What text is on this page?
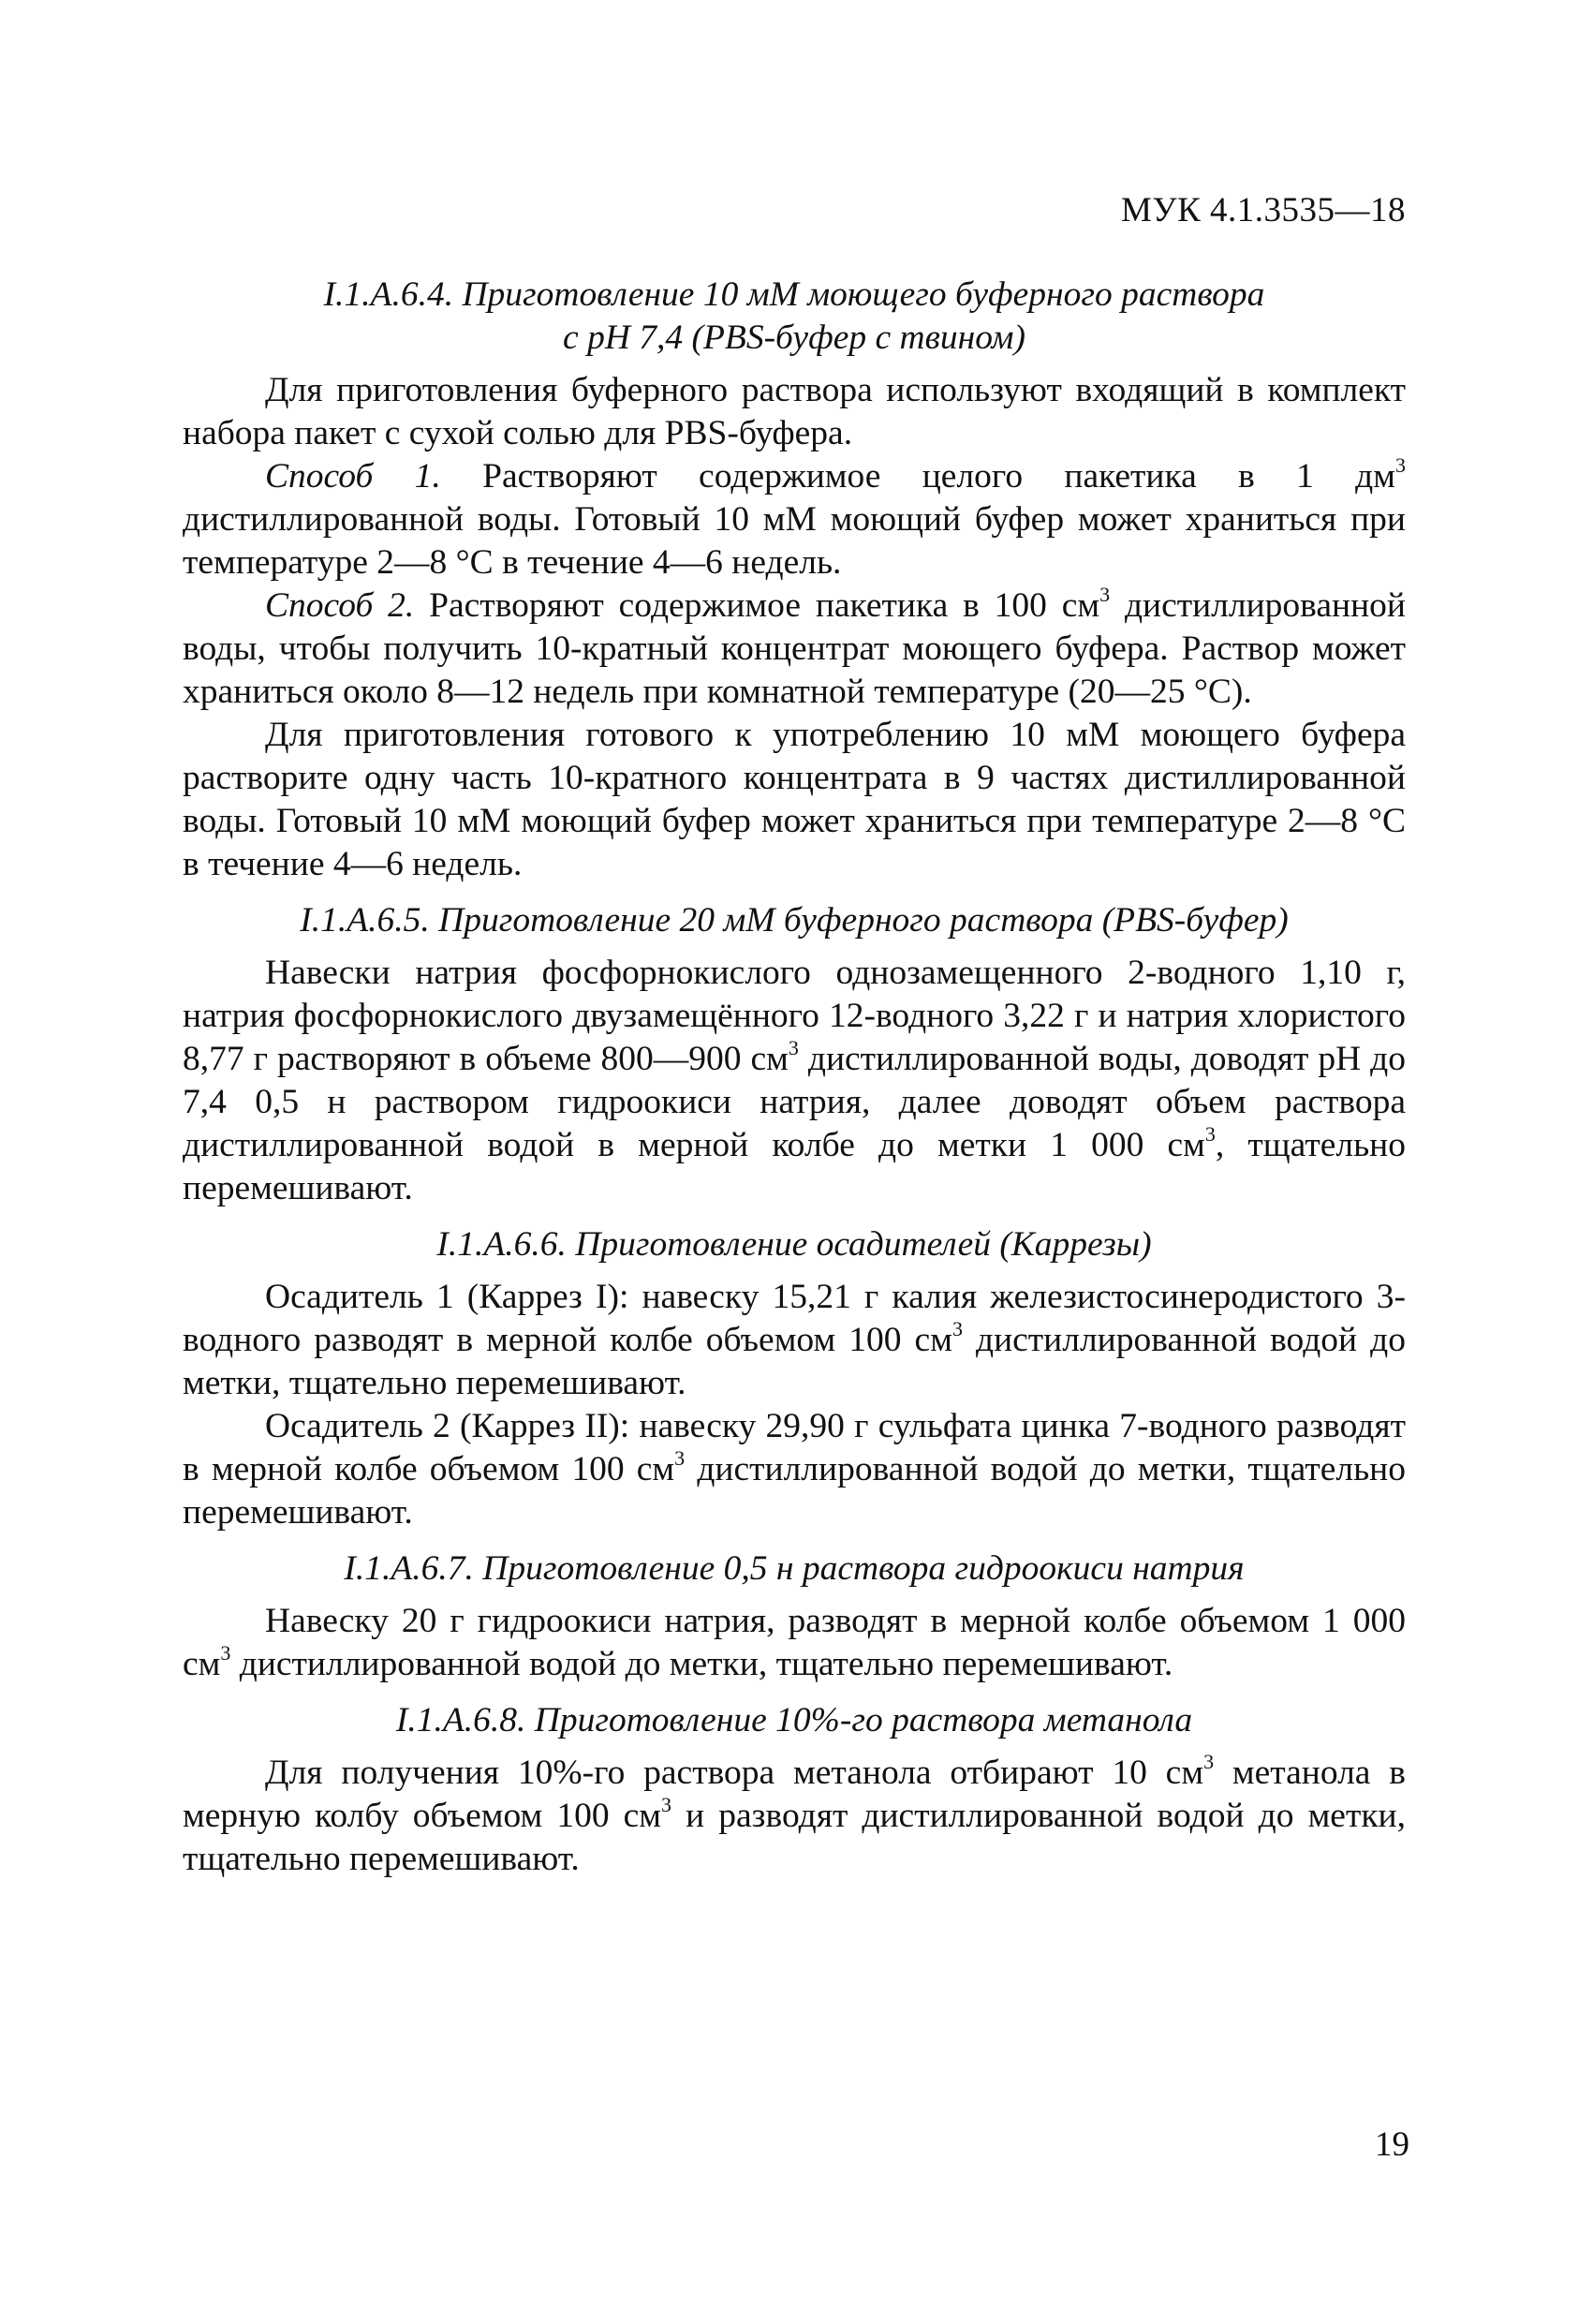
МУК 4.1.3535—18
I.1.A.6.4. Приготовление 10 мМ моющего буферного раствора
с pH 7,4 (PBS-буфер с твином)

Для приготовления буферного раствора используют входящий в комплект набора пакет с сухой солью для PBS-буфера.

Способ 1. Растворяют содержимое целого пакетика в 1 $дм^3$ дистиллированной воды. Готовый 10 мМ моющий буфер может храниться при температуре 2—8 °С в течение 4—6 недель.

Способ 2. Растворяют содержимое пакетика в 100 $см^3$ дистиллированной воды, чтобы получить 10-кратный концентрат моющего буфера. Раствор может храниться около 8—12 недель при комнатной температуре (20—25 °С).

Для приготовления готового к употреблению 10 мМ моющего буфера растворите одну часть 10-кратного концентрата в 9 частях дистиллированной воды. Готовый 10 мМ моющий буфер может храниться при температуре 2—8 °С в течение 4—6 недель.

I.1.A.6.5. Приготовление 20 мМ буферного раствора (PBS-буфер)

Навески натрия фосфорнокислого однозамещенного 2-водного 1,10 г, натрия фосфорнокислого двузамещённого 12-водного 3,22 г и натрия хлористого 8,77 г растворяют в объеме 800—900 $см^3$ дистиллированной воды, доводят pH до 7,4 0,5 н раствором гидроокиси натрия, далее доводят объем раствора дистиллированной водой в мерной колбе до метки 1 000 $см^3$, тщательно перемешивают.

I.1.A.6.6. Приготовление осадителей (Каррезы)

Осадитель 1 (Каррез I): навеску 15,21 г калия железистосинеродистого 3-водного разводят в мерной колбе объемом 100 $см^3$ дистиллированной водой до метки, тщательно перемешивают.

Осадитель 2 (Каррез II): навеску 29,90 г сульфата цинка 7-водного разводят в мерной колбе объемом 100 $см^3$ дистиллированной водой до метки, тщательно перемешивают.

I.1.A.6.7. Приготовление 0,5 н раствора гидроокиси натрия

Навеску 20 г гидроокиси натрия, разводят в мерной колбе объемом 1 000 $см^3$ дистиллированной водой до метки, тщательно перемешивают.

I.1.A.6.8. Приготовление 10%-го раствора метанола

Для получения 10%-го раствора метанола отбирают 10 $см^3$ метанола в мерную колбу объемом 100 $см^3$ и разводят дистиллированной водой до метки, тщательно перемешивают.

19
